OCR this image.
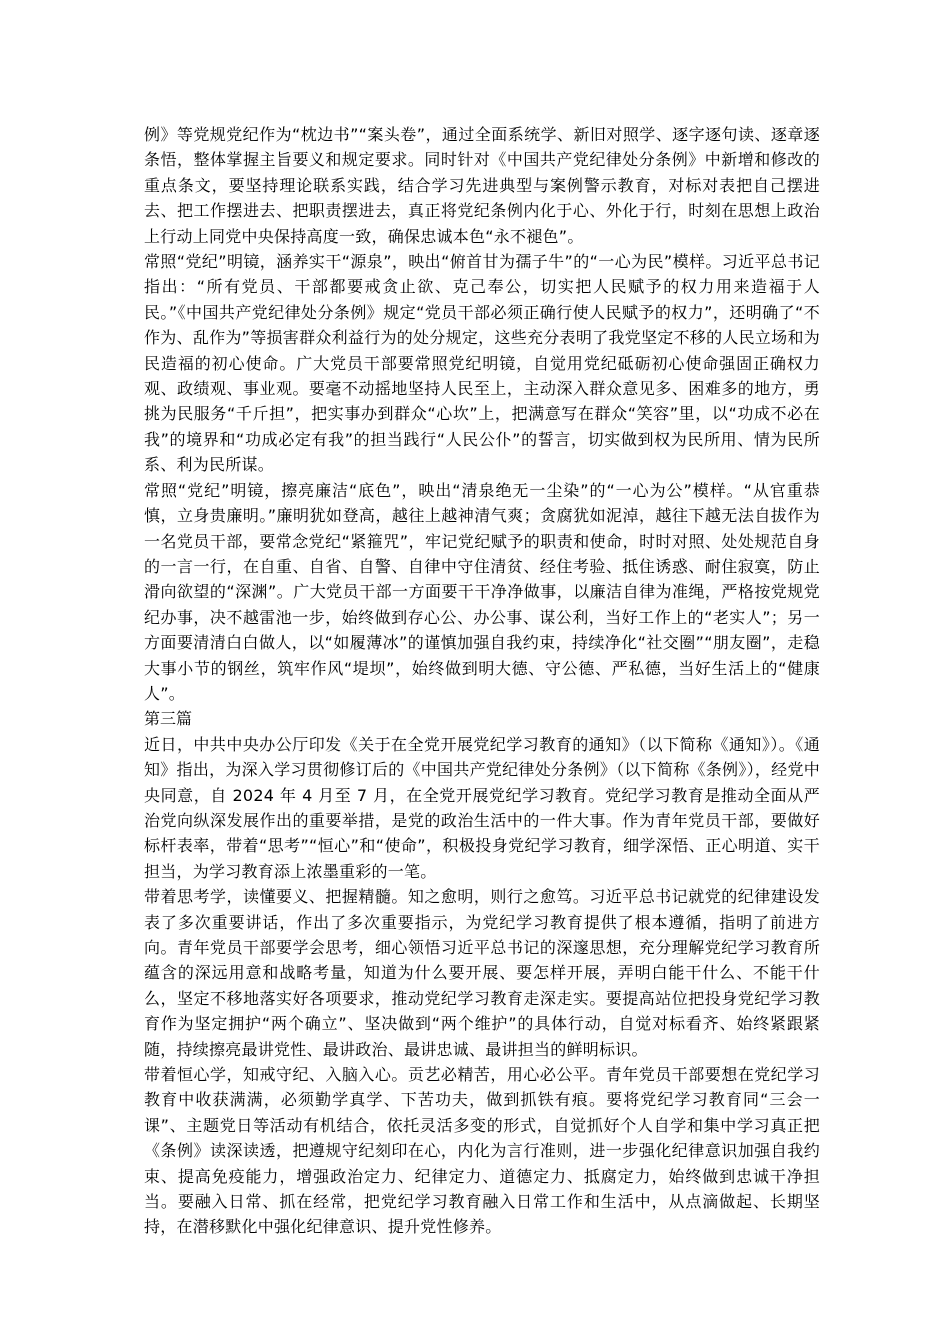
例》等党规党纪作为“枕边书”“案头卷”，通过全面系统学、新旧对照学、逐字逐句读、逐章逐条悟，整体掌握主旨要义和规定要求。同时针对《中国共产党纪律处分条例》中新增和修改的重点条文，要坚持理论联系实践，结合学习先进典型与案例警示教育，对标对表把自己摆进去、把工作摆进去、把职责摆进去，真正将党纪条例内化于心、外化于行，时刻在思想上政治上行动上同党中央保持高度一致，确保忠诚本色“永不褪色”。

常照“党纪”明镜，涵养实干“源泉”，映出“俯首甘为孺子牛”的“一心为民”模样。习近平总书记指出：“所有党员、干部都要戒贪止欲、克己奉公，切实把人民赋予的权力用来造福于人民。”《中国共产党纪律处分条例》规定“党员干部必须正确行使人民赋予的权力”，还明确了“不作为、乱作为”等损害群众利益行为的处分规定，这些充分表明了我党坚定不移的人民立场和为民造福的初心使命。广大党员干部要常照党纪明镜，自觉用党纪砥砺初心使命强固正确权力观、政绩观、事业观。要毫不动摇地坚持人民至上，主动深入群众意见多、困难多的地方，勇挑为民服务“千斤担”，把实事办到群众“心坎”上，把满意写在群众“笑容”里，以“功成不必在我”的境界和“功成必定有我”的担当践行“人民公仆”的誓言，切实做到权为民所用、情为民所系、利为民所谋。

常照“党纪”明镜，擦亮廉洁“底色”，映出“清泉绝无一尘染”的“一心为公”模样。“从官重恭慎，立身贵廉明。”廉明犹如登高，越往上越神清气爽；贪腐犹如泥淖，越往下越无法自拔作为一名党员干部，要常念党纪“紧箍咒”，牢记党纪赋予的职责和使命，时时对照、处处规范自身的一言一行，在自重、自省、自警、自律中守住清贫、经住考验、抵住诱惑、耐住寂寞，防止滑向欲望的“深渊”。广大党员干部一方面要干干净净做事，以廉洁自律为准绳，严格按党规党纪办事，决不越雷池一步，始终做到存心公、办公事、谋公利，当好工作上的“老实人”；另一方面要清清白白做人，以“如履薄冰”的谨慎加强自我约束，持续净化“社交圈”“朋友圈”，走稳大事小节的钢丝，筑牢作风“堤坝”，始终做到明大德、守公德、严私德，当好生活上的“健康人”。

第三篇

近日，中共中央办公厅印发《关于在全党开展党纪学习教育的通知》（以下简称《通知》）。《通知》指出，为深入学习贯彻修订后的《中国共产党纪律处分条例》（以下简称《条例》），经党中央同意，自 2024 年 4 月至 7 月，在全党开展党纪学习教育。党纪学习教育是推动全面从严治党向纵深发展作出的重要举措，是党的政治生活中的一件大事。作为青年党员干部，要做好标杆表率，带着“思考”“恒心”和“使命”，积极投身党纪学习教育，细学深悟、正心明道、实干担当，为学习教育添上浓墨重彩的一笔。

带着思考学，读懂要义、把握精髓。知之愈明，则行之愈笃。习近平总书记就党的纪律建设发表了多次重要讲话，作出了多次重要指示，为党纪学习教育提供了根本遵循，指明了前进方向。青年党员干部要学会思考，细心领悟习近平总书记的深邃思想，充分理解党纪学习教育所蕴含的深远用意和战略考量，知道为什么要开展、要怎样开展，弄明白能干什么、不能干什么，坚定不移地落实好各项要求，推动党纪学习教育走深走实。要提高站位把投身党纪学习教育作为坚定拥护“两个确立”、坚决做到“两个维护”的具体行动，自觉对标看齐、始终紧跟紧随，持续擦亮最讲党性、最讲政治、最讲忠诚、最讲担当的鲜明标识。

带着恒心学，知戒守纪、入脑入心。贡艺必精苦，用心必公平。青年党员干部要想在党纪学习教育中收获满满，必须勤学真学、下苦功夫，做到抓铁有痕。要将党纪学习教育同“三会一课”、主题党日等活动有机结合，依托灵活多变的形式，自觉抓好个人自学和集中学习真正把《条例》读深读透，把遵规守纪刻印在心，内化为言行准则，进一步强化纪律意识加强自我约束、提高免疫能力，增强政治定力、纪律定力、道德定力、抵腐定力，始终做到忠诚干净担当。要融入日常、抓在经常，把党纪学习教育融入日常工作和生活中，从点滴做起、长期坚持，在潜移默化中强化纪律意识、提升党性修养。
